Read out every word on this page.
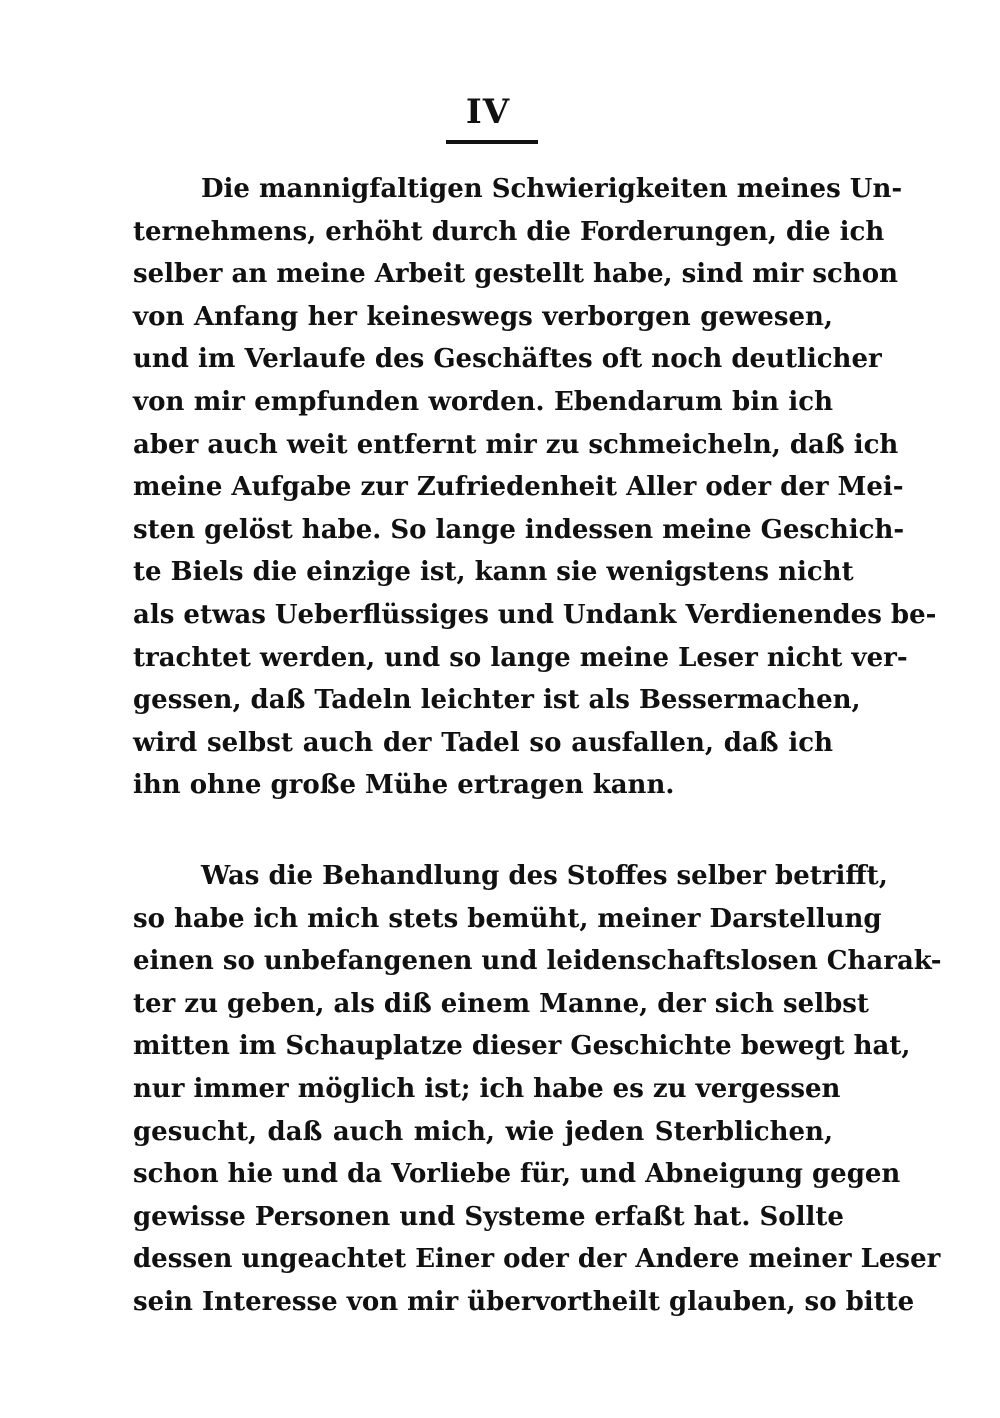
IV
Die mannigfaltigen Schwierigkeiten meines Un-
ternehmens, erhöht durch die Forderungen, die ich
selber an meine Arbeit gestellt habe, sind mir schon
von Anfang her keineswegs verborgen gewesen,
und im Verlaufe des Geschäftes oft noch deutlicher
von mir empfunden worden. Ebendarum bin ich
aber auch weit entfernt mir zu schmeicheln, daß ich
meine Aufgabe zur Zufriedenheit Aller oder der Mei-
sten gelöst habe. So lange indessen meine Geschich-
te Biels die einzige ist, kann sie wenigstens nicht
als etwas Ueberflüssiges und Undank Verdienendes be-
trachtet werden, und so lange meine Leser nicht ver-
gessen, daß Tadeln leichter ist als Bessermachen,
wird selbst auch der Tadel so ausfallen, daß ich
ihn ohne große Mühe ertragen kann.
Was die Behandlung des Stoffes selber betrifft,
so habe ich mich stets bemüht, meiner Darstellung
einen so unbefangenen und leidenschaftslosen Charak-
ter zu geben, als diß einem Manne, der sich selbst
mitten im Schauplatze dieser Geschichte bewegt hat,
nur immer möglich ist; ich habe es zu vergessen
gesucht, daß auch mich, wie jeden Sterblichen,
schon hie und da Vorliebe für, und Abneigung gegen
gewisse Personen und Systeme erfaßt hat. Sollte
dessen ungeachtet Einer oder der Andere meiner Leser
sein Interesse von mir übervortheilt glauben, so bitte
